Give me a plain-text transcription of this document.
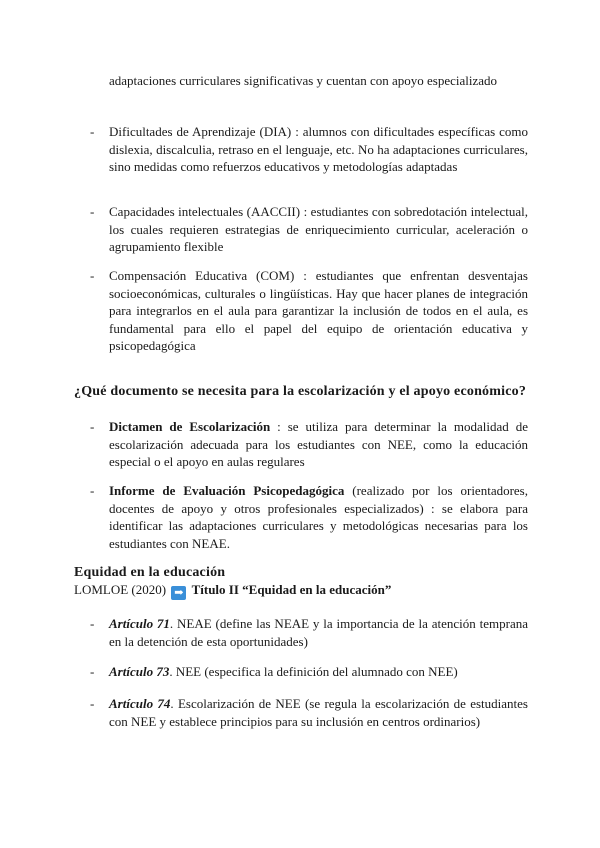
adaptaciones curriculares significativas y cuentan con apoyo especializado
-	Dificultades de Aprendizaje (DIA) : alumnos con dificultades específicas como dislexia, discalculia, retraso en el lenguaje, etc. No ha adaptaciones curriculares, sino medidas como refuerzos educativos y metodologías adaptadas
-	Capacidades intelectuales (AACCII) : estudiantes con sobredotación intelectual, los cuales requieren estrategias de enriquecimiento curricular, aceleración o agrupamiento flexible
-	Compensación Educativa (COM) : estudiantes que enfrentan desventajas socioeconómicas, culturales o lingüísticas. Hay que hacer planes de integración para integrarlos en el aula para garantizar la inclusión de todos en el aula, es fundamental para ello el papel del equipo de orientación educativa y psicopedagógica
¿Qué documento se necesita para la escolarización y el apoyo económico?
-	Dictamen de Escolarización : se utiliza para determinar la modalidad de escolarización adecuada para los estudiantes con NEE, como la educación especial o el apoyo en aulas regulares
-	Informe de Evaluación Psicopedagógica (realizado por los orientadores, docentes de apoyo y otros profesionales especializados) : se elabora para identificar las adaptaciones curriculares y metodológicas necesarias para los estudiantes con NEAE.
Equidad en la educación
LOMLOE (2020) ➡ Título II “Equidad en la educación”
-	Artículo 71. NEAE (define las NEAE y la importancia de la atención temprana en la detención de esta oportunidades)
-	Artículo 73. NEE (especifica la definición del alumnado con NEE)
-	Artículo 74. Escolarización de NEE (se regula la escolarización de estudiantes con NEE y establece principios para su inclusión en centros ordinarios)
